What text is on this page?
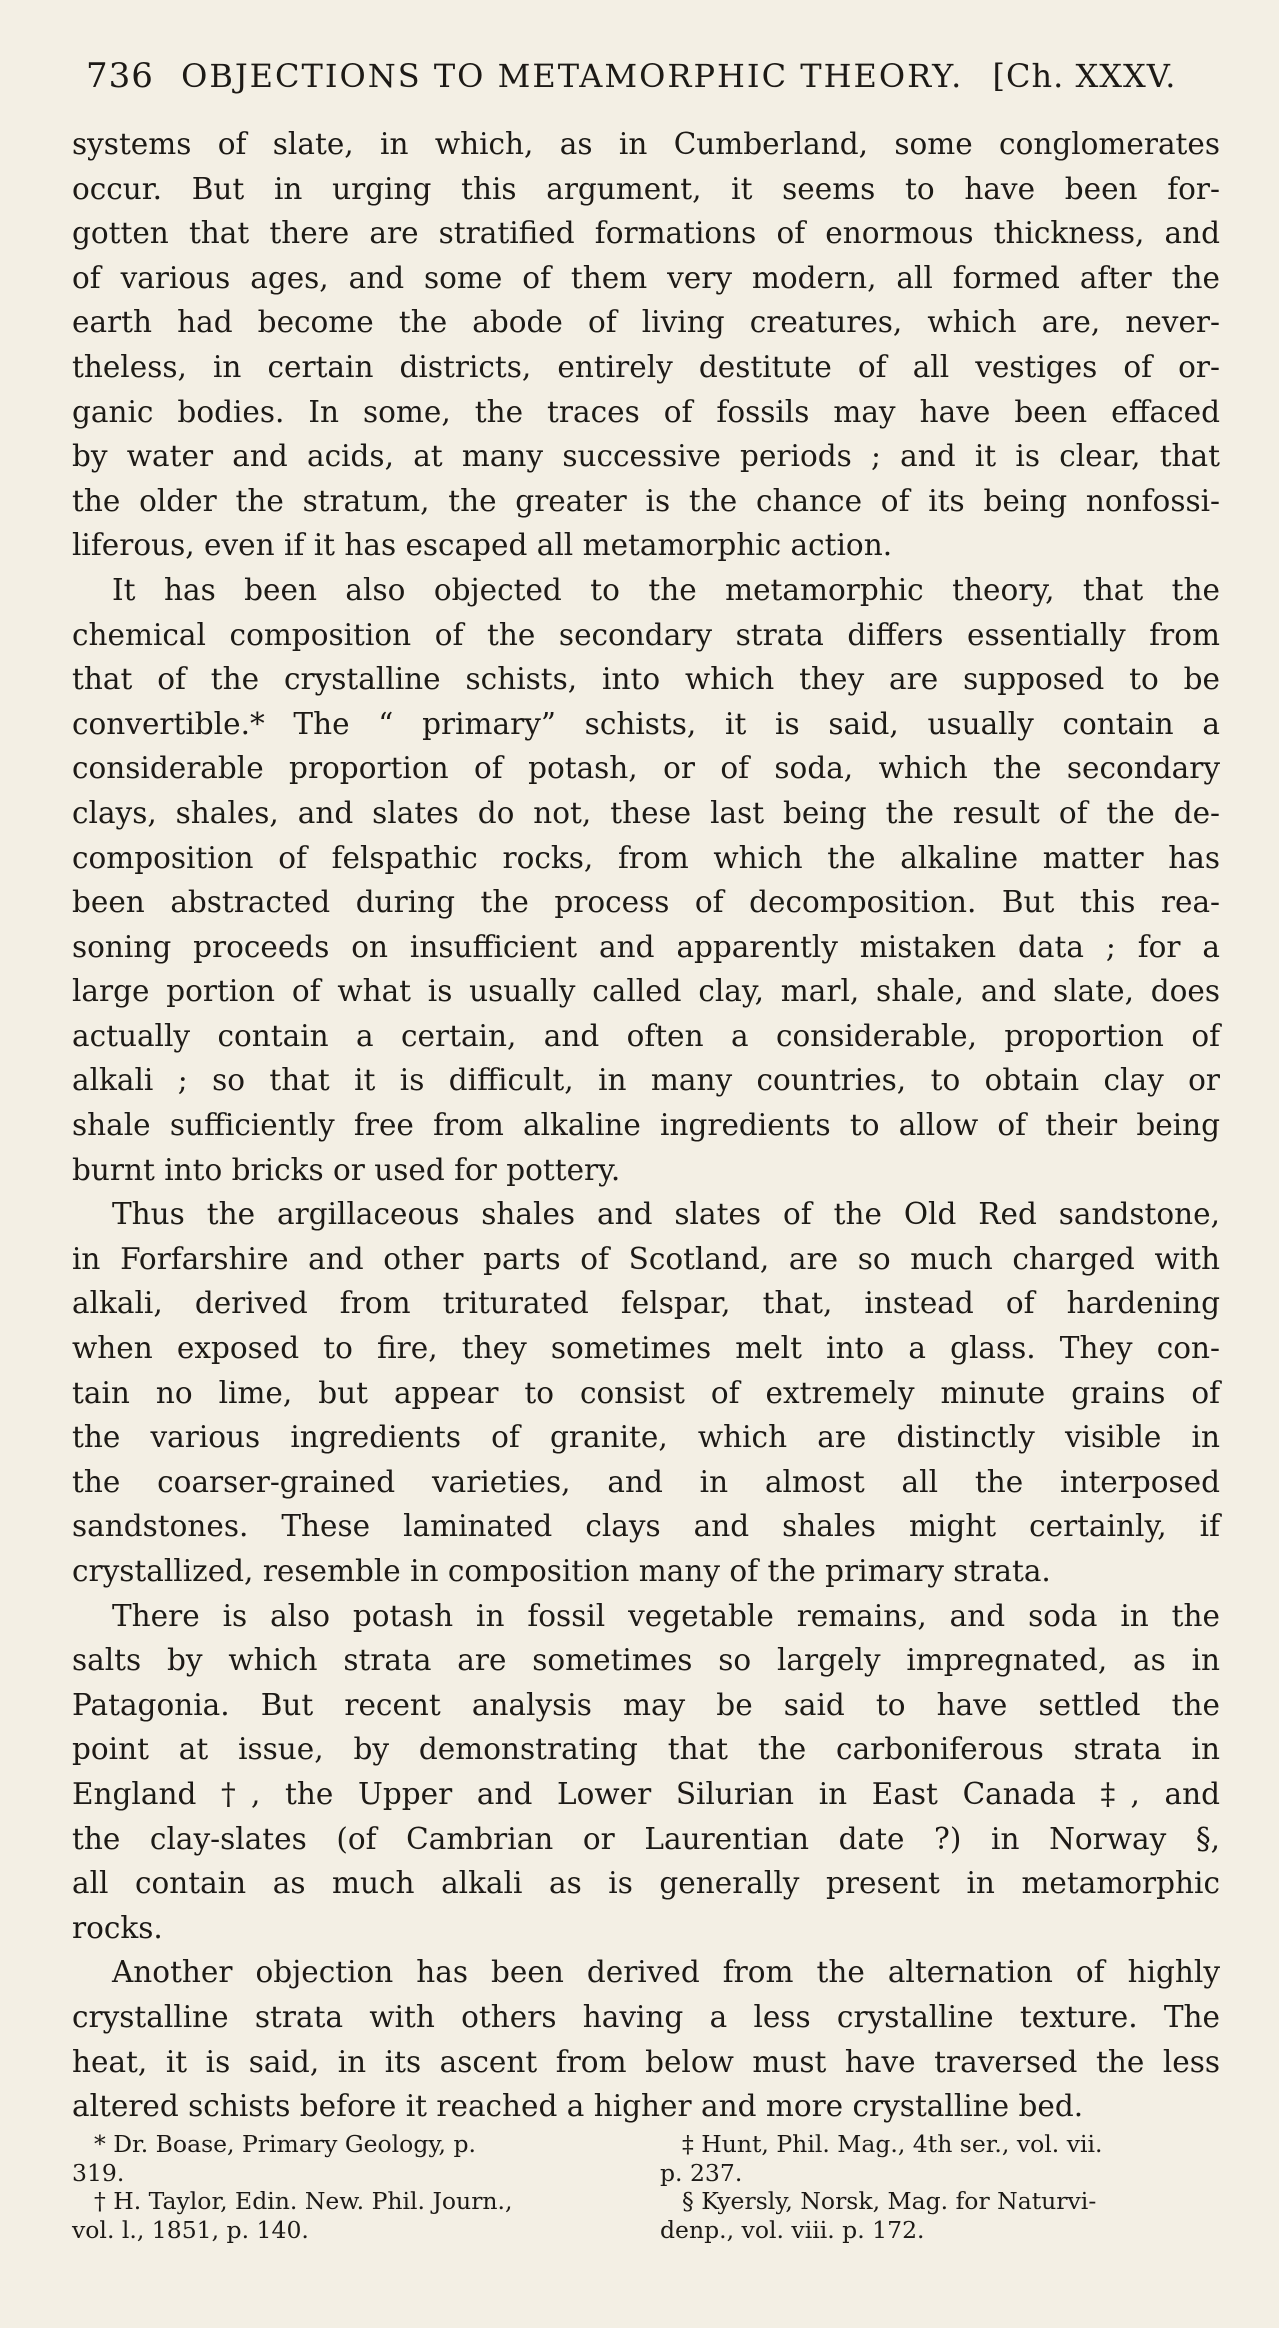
736 OBJECTIONS TO METAMORPHIC THEORY. [Ch. XXXV.
systems of slate, in which, as in Cumberland, some conglomerates
occur. But in urging this argument, it seems to have been for-
gotten that there are stratified formations of enormous thickness, and
of various ages, and some of them very modern, all formed after the
earth had become the abode of living creatures, which are, never-
theless, in certain districts, entirely destitute of all vestiges of or-
ganic bodies. In some, the traces of fossils may have been effaced
by water and acids, at many successive periods ; and it is clear, that
the older the stratum, the greater is the chance of its being nonfossi-
liferous, even if it has escaped all metamorphic action.
It has been also objected to the metamorphic theory, that the
chemical composition of the secondary strata differs essentially from
that of the crystalline schists, into which they are supposed to be
convertible.* The “ primary” schists, it is said, usually contain a
considerable proportion of potash, or of soda, which the secondary
clays, shales, and slates do not, these last being the result of the de-
composition of felspathic rocks, from which the alkaline matter has
been abstracted during the process of decomposition. But this rea-
soning proceeds on insufficient and apparently mistaken data ; for a
large portion of what is usually called clay, marl, shale, and slate, does
actually contain a certain, and often a considerable, proportion of
alkali ; so that it is difficult, in many countries, to obtain clay or
shale sufficiently free from alkaline ingredients to allow of their being
burnt into bricks or used for pottery.
Thus the argillaceous shales and slates of the Old Red sandstone,
in Forfarshire and other parts of Scotland, are so much charged with
alkali, derived from triturated felspar, that, instead of hardening
when exposed to fire, they sometimes melt into a glass. They con-
tain no lime, but appear to consist of extremely minute grains of
the various ingredients of granite, which are distinctly visible in
the coarser-grained varieties, and in almost all the interposed
sandstones. These laminated clays and shales might certainly, if
crystallized, resemble in composition many of the primary strata.
There is also potash in fossil vegetable remains, and soda in the
salts by which strata are sometimes so largely impregnated, as in
Patagonia. But recent analysis may be said to have settled the
point at issue, by demonstrating that the carboniferous strata in
England †, the Upper and Lower Silurian in East Canada ‡, and
the clay-slates (of Cambrian or Laurentian date ?) in Norway §,
all contain as much alkali as is generally present in metamorphic
rocks.
Another objection has been derived from the alternation of highly
crystalline strata with others having a less crystalline texture. The
heat, it is said, in its ascent from below must have traversed the less
altered schists before it reached a higher and more crystalline bed.
* Dr. Boase, Primary Geology, p.
319.
† H. Taylor, Edin. New. Phil. Journ.,
vol. l., 1851, p. 140.
‡ Hunt, Phil. Mag., 4th ser., vol. vii.
p. 237.
§ Kyersly, Norsk, Mag. for Naturvi-
denp., vol. viii. p. 172.
